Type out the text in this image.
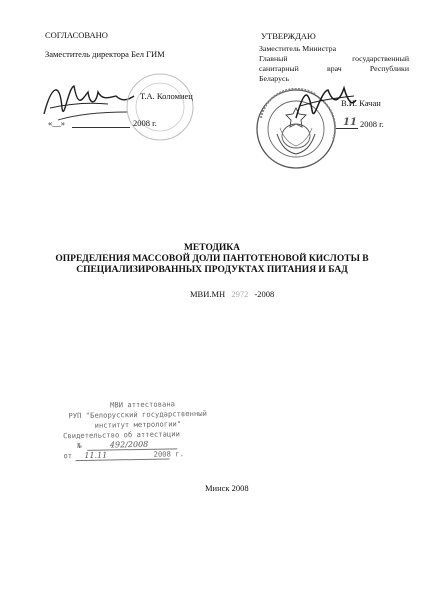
СОГЛАСОВАНО
Заместитель директора Бел ГИМ
Т.А. Коломиец
«__»	2008 г.
УТВЕРЖДАЮ
Заместитель Министра
Главный	государственный
санитарный	врач	Республики
Беларусь
В.И. Качан
11 2008 г.
МЕТОДИКА
ОПРЕДЕЛЕНИЯ МАССОВОЙ ДОЛИ ПАНТОТЕНОВОЙ КИСЛОТЫ В
СПЕЦИАЛИЗИРОВАННЫХ ПРОДУКТАХ ПИТАНИЯ И БАД
МВИ.МН 2972 -2008
МВИ аттестована
РУП "Белорусский государственный
институт метрологии"
Свидетельство об аттестации
№	492/2008
от 11.11	2008 г.
Минск 2008
